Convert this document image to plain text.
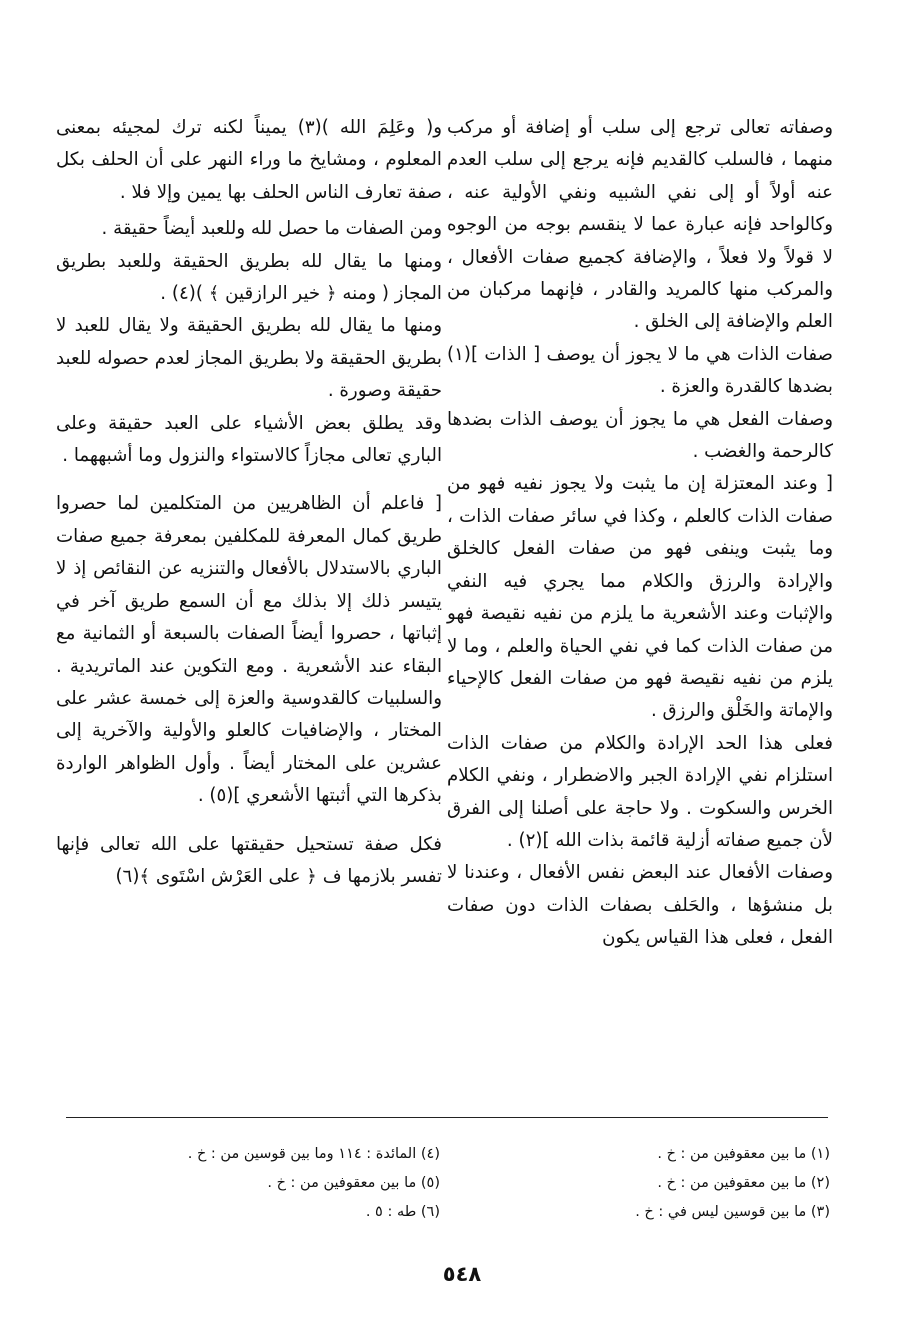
وصفاته تعالى ترجع إلى سلب أو إضافة أو مركب منهما ، فالسلب كالقديم فإنه يرجع إلى سلب العدم عنه أولاً أو إلى نفي الشبيه ونفي الأولية عنه ، وكالواحد فإنه عبارة عما لا ينقسم بوجه من الوجوه لا قولاً ولا فعلاً ، والإضافة كجميع صفات الأفعال ، والمركب منها كالمريد والقادر ، فإنهما مركبان من العلم والإضافة إلى الخلق .

صفات الذات هي ما لا يجوز أن يوصف [ الذات ](١) بضدها كالقدرة والعزة .

وصفات الفعل هي ما يجوز أن يوصف الذات بضدها كالرحمة والغضب .

[ وعند المعتزلة إن ما يثبت ولا يجوز نفيه فهو من صفات الذات كالعلم ، وكذا في سائر صفات الذات ، وما يثبت وينفى فهو من صفات الفعل كالخلق والإرادة والرزق والكلام مما يجري فيه النفي والإثبات وعند الأشعرية ما يلزم من نفيه نقيصة فهو من صفات الذات كما في نفي الحياة والعلم ، وما لا يلزم من نفيه نقيصة فهو من صفات الفعل كالإحياء والإماتة والخَلْق والرزق .

فعلى هذا الحد الإرادة والكلام من صفات الذات استلزام نفي الإرادة الجبر والاضطرار ، ونفي الكلام الخرس والسكوت . ولا حاجة على أصلنا إلى الفرق لأن جميع صفاته أزلية قائمة بذات الله ](٢) .

وصفات الأفعال عند البعض نفس الأفعال ، وعندنا لا بل منشؤها ، والحَلف بصفات الذات دون صفات الفعل ، فعلى هذا القياس يكون

و( وعَلِمَ الله )(٣) يميناً لكنه ترك لمجيئه بمعنى المعلوم ، ومشايخ ما وراء النهر على أن الحلف بكل صفة تعارف الناس الحلف بها يمين وإلا فلا .

ومن الصفات ما حصل لله وللعبد أيضاً حقيقة .

ومنها ما يقال لله بطريق الحقيقة وللعبد بطريق المجاز ( ومنه ﴿ خير الرازقين ﴾ )(٤) .

ومنها ما يقال لله بطريق الحقيقة ولا يقال للعبد لا بطريق الحقيقة ولا بطريق المجاز لعدم حصوله للعبد حقيقة وصورة .

وقد يطلق بعض الأشياء على العبد حقيقة وعلى الباري تعالى مجازاً كالاستواء والنزول وما أشبههما .

[ فاعلم أن الظاهريين من المتكلمين لما حصروا طريق كمال المعرفة للمكلفين بمعرفة جميع صفات الباري بالاستدلال بالأفعال والتنزيه عن النقائص إذ لا يتيسر ذلك إلا بذلك مع أن السمع طريق آخر في إثباتها ، حصروا أيضاً الصفات بالسبعة أو الثمانية مع البقاء عند الأشعرية . ومع التكوين عند الماتريدية . والسلبيات كالقدوسية والعزة إلى خمسة عشر على المختار ، والإضافيات كالعلو والأولية والآخرية إلى عشرين على المختار أيضاً . وأول الظواهر الواردة بذكرها التي أثبتها الأشعري ](٥) .

فكل صفة تستحيل حقيقتها على الله تعالى فإنها تفسر بلازمها ف ﴿ على العَرْش اسْتَوى ﴾(٦)

(١) ما بين معقوفين من : خ .
(٢) ما بين معقوفين من : خ .
(٣) ما بين قوسين ليس في : خ .
(٤) المائدة : ١١٤ وما بين قوسين من : خ .
(٥) ما بين معقوفين من : خ .
(٦) طه : ٥ .
٥٤٨
